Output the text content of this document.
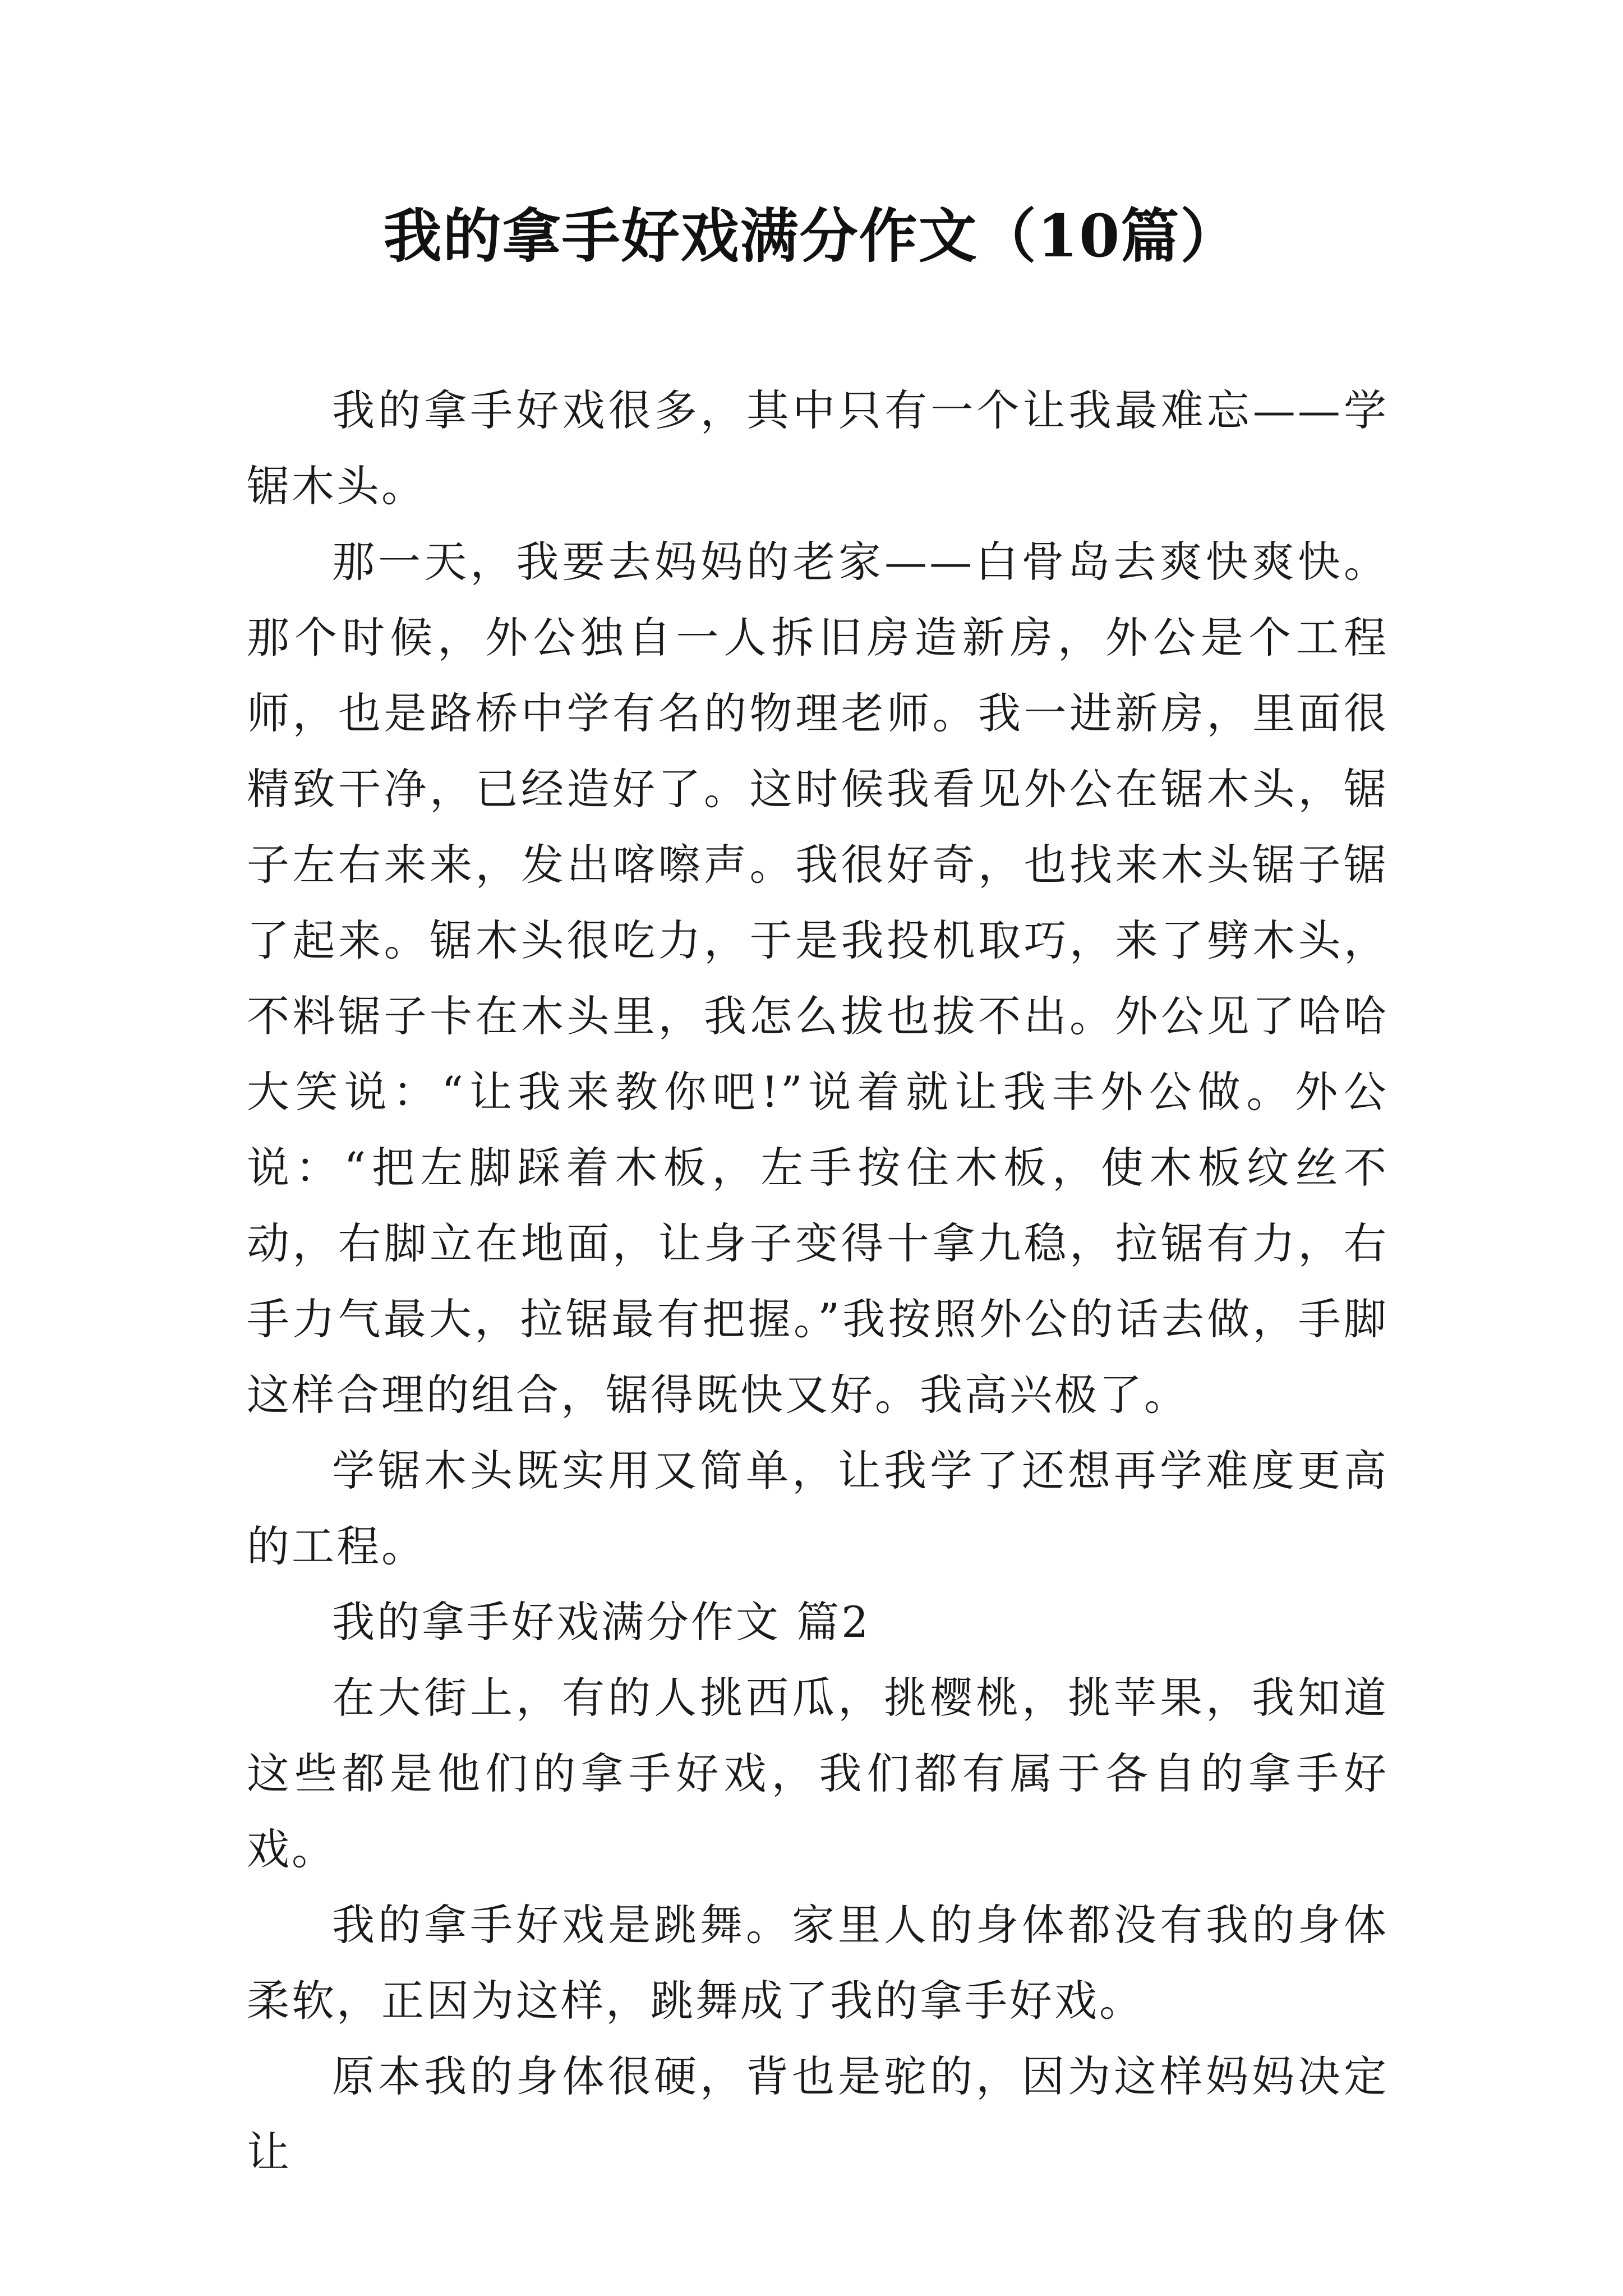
我的拿手好戏满分作文（10篇）

我的拿手好戏很多，其中只有一个让我最难忘——学锯木头。

那一天，我要去妈妈的老家——白骨岛去爽快爽快。那个时候，外公独自一人拆旧房造新房，外公是个工程师，也是路桥中学有名的物理老师。我一进新房，里面很精致干净，已经造好了。这时候我看见外公在锯木头，锯子左右来来，发出喀嚓声。我很好奇，也找来木头锯子锯了起来。锯木头很吃力，于是我投机取巧，来了劈木头，不料锯子卡在木头里，我怎么拔也拔不出。外公见了哈哈大笑说：“让我来教你吧!”说着就让我丰外公做。外公说：“把左脚踩着木板，左手按住木板，使木板纹丝不动，右脚立在地面，让身子变得十拿九稳，拉锯有力，右手力气最大，拉锯最有把握。”我按照外公的话去做，手脚这样合理的组合，锯得既快又好。我高兴极了。

学锯木头既实用又简单，让我学了还想再学难度更高的工程。

我的拿手好戏满分作文 篇2

在大街上，有的人挑西瓜，挑樱桃，挑苹果，我知道这些都是他们的拿手好戏，我们都有属于各自的拿手好戏。

我的拿手好戏是跳舞。家里人的身体都没有我的身体柔软，正因为这样，跳舞成了我的拿手好戏。

原本我的身体很硬，背也是驼的，因为这样妈妈决定让
